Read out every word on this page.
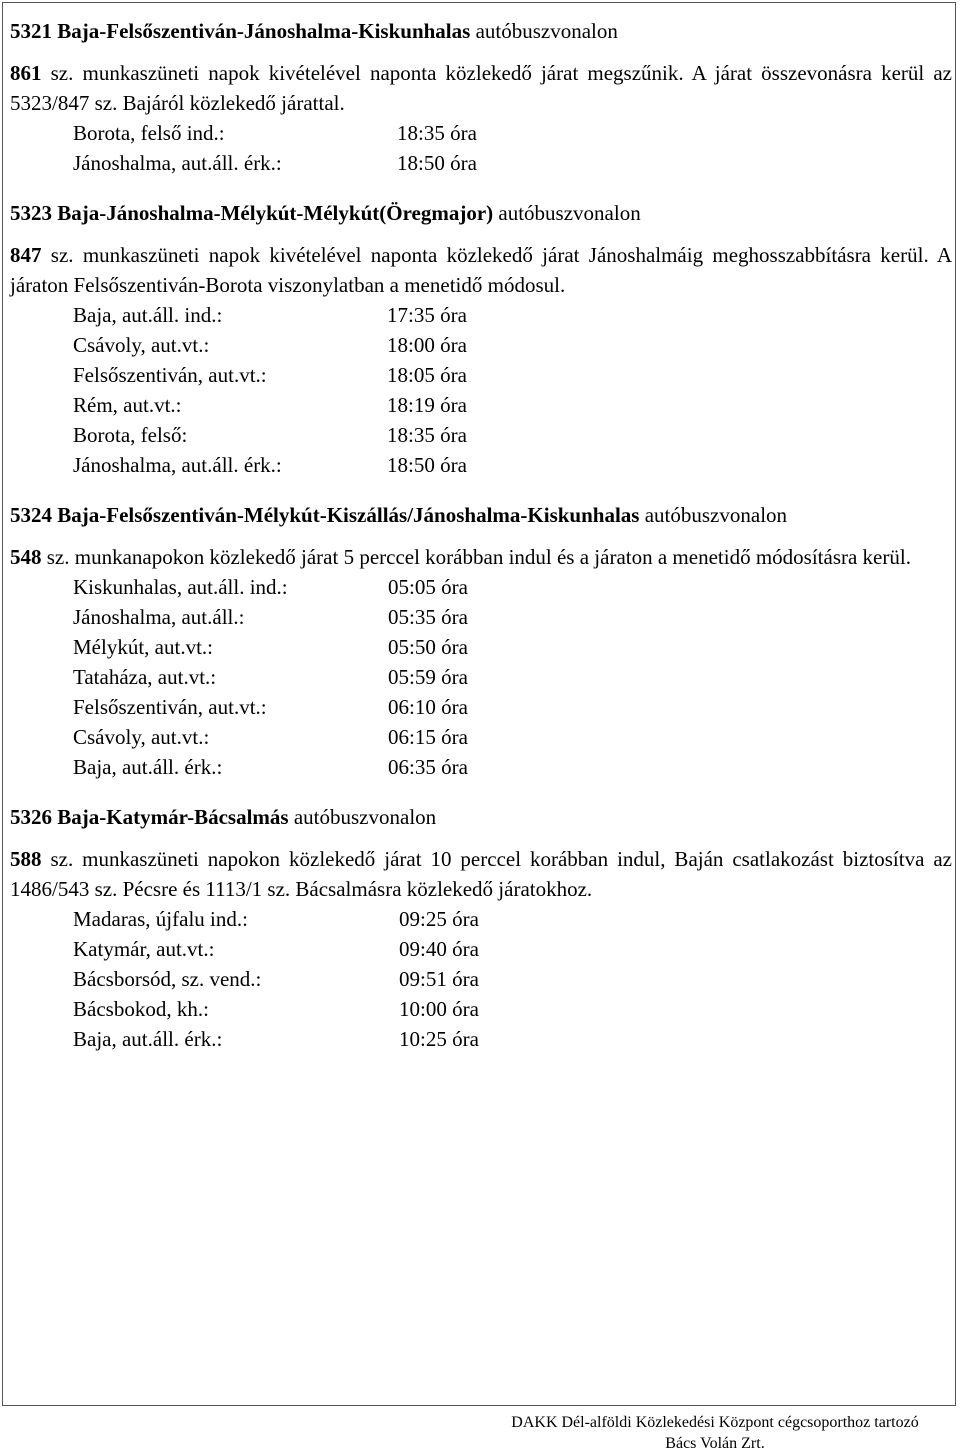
5321 Baja-Felsőszentiván-Jánoshalma-Kiskunhalas autóbuszvonalon

861 sz. munkaszüneti napok kivételével naponta közlekedő járat megszűnik. A járat összevonásra kerül az 5323/847 sz. Bajáról közlekedő járattal.

Borota, felső ind.:	18:35 óra
Jánoshalma, aut.áll. érk.:	18:50 óra
5323 Baja-Jánoshalma-Mélykút-Mélykút(Öregmajor) autóbuszvonalon

847 sz. munkaszüneti napok kivételével naponta közlekedő járat Jánoshalmáig meghosszabbításra kerül. A járaton Felsőszentiván-Borota viszonylatban a menetidő módosul.

Baja, aut.áll. ind.:	17:35 óra
Csávoly, aut.vt.:	18:00 óra
Felsőszentiván, aut.vt.:	18:05 óra
Rém, aut.vt.:	18:19 óra
Borota, felső:	18:35 óra
Jánoshalma, aut.áll. érk.:	18:50 óra
5324 Baja-Felsőszentiván-Mélykút-Kiszállás/Jánoshalma-Kiskunhalas autóbuszvonalon

548 sz. munkanapokon közlekedő járat 5 perccel korábban indul és a járaton a menetidő módosításra kerül.

Kiskunhalas, aut.áll. ind.:	05:05 óra
Jánoshalma, aut.áll.:	05:35 óra
Mélykút, aut.vt.:	05:50 óra
Tataháza, aut.vt.:	05:59 óra
Felsőszentiván, aut.vt.:	06:10 óra
Csávoly, aut.vt.:	06:15 óra
Baja, aut.áll. érk.:	06:35 óra
5326 Baja-Katymár-Bácsalmás autóbuszvonalon

588 sz. munkaszüneti napokon közlekedő járat 10 perccel korábban indul, Baján csatlakozást biztosítva az 1486/543 sz. Pécsre és 1113/1 sz. Bácsalmásra közlekedő járatokhoz.

Madaras, újfalu ind.:	09:25 óra
Katymár, aut.vt.:	09:40 óra
Bácsborsód, sz. vend.:	09:51 óra
Bácsbokod, kh.:	10:00 óra
Baja, aut.áll. érk.:	10:25 óra
DAKK Dél-alföldi Közlekedési Központ cégcsoporthoz tartozó
Bács Volán Zrt.
